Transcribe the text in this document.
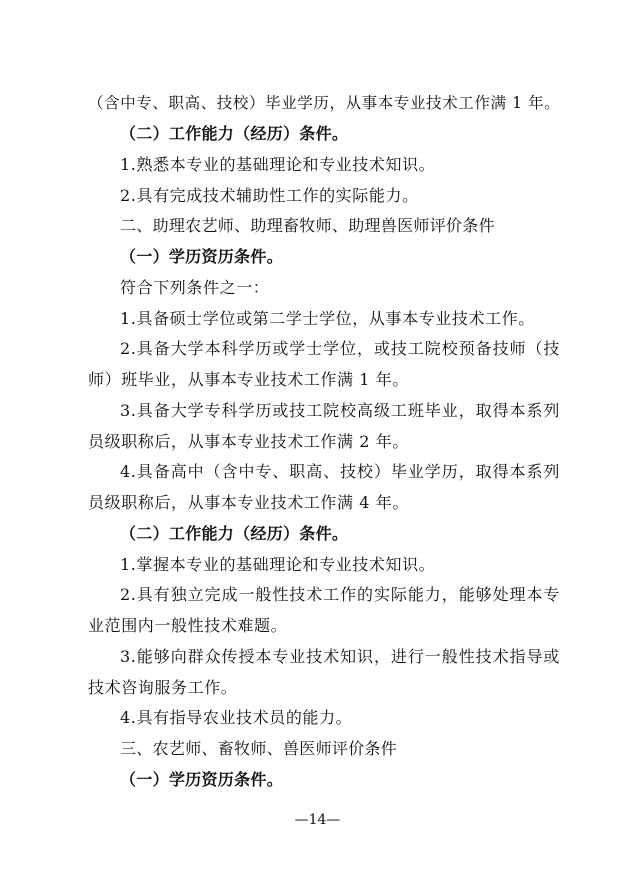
（含中专、职高、技校）毕业学历，从事本专业技术工作满 1 年。
（二）工作能力（经历）条件。
1.熟悉本专业的基础理论和专业技术知识。
2.具有完成技术辅助性工作的实际能力。
二、助理农艺师、助理畜牧师、助理兽医师评价条件
（一）学历资历条件。
符合下列条件之一：
1.具备硕士学位或第二学士学位，从事本专业技术工作。
2.具备大学本科学历或学士学位，或技工院校预备技师（技
师）班毕业，从事本专业技术工作满 1 年。
3.具备大学专科学历或技工院校高级工班毕业，取得本系列
员级职称后，从事本专业技术工作满 2 年。
4.具备高中（含中专、职高、技校）毕业学历，取得本系列
员级职称后，从事本专业技术工作满 4 年。
（二）工作能力（经历）条件。
1.掌握本专业的基础理论和专业技术知识。
2.具有独立完成一般性技术工作的实际能力，能够处理本专
业范围内一般性技术难题。
3.能够向群众传授本专业技术知识，进行一般性技术指导或
技术咨询服务工作。
4.具有指导农业技术员的能力。
三、农艺师、畜牧师、兽医师评价条件
（一）学历资历条件。
—14—
